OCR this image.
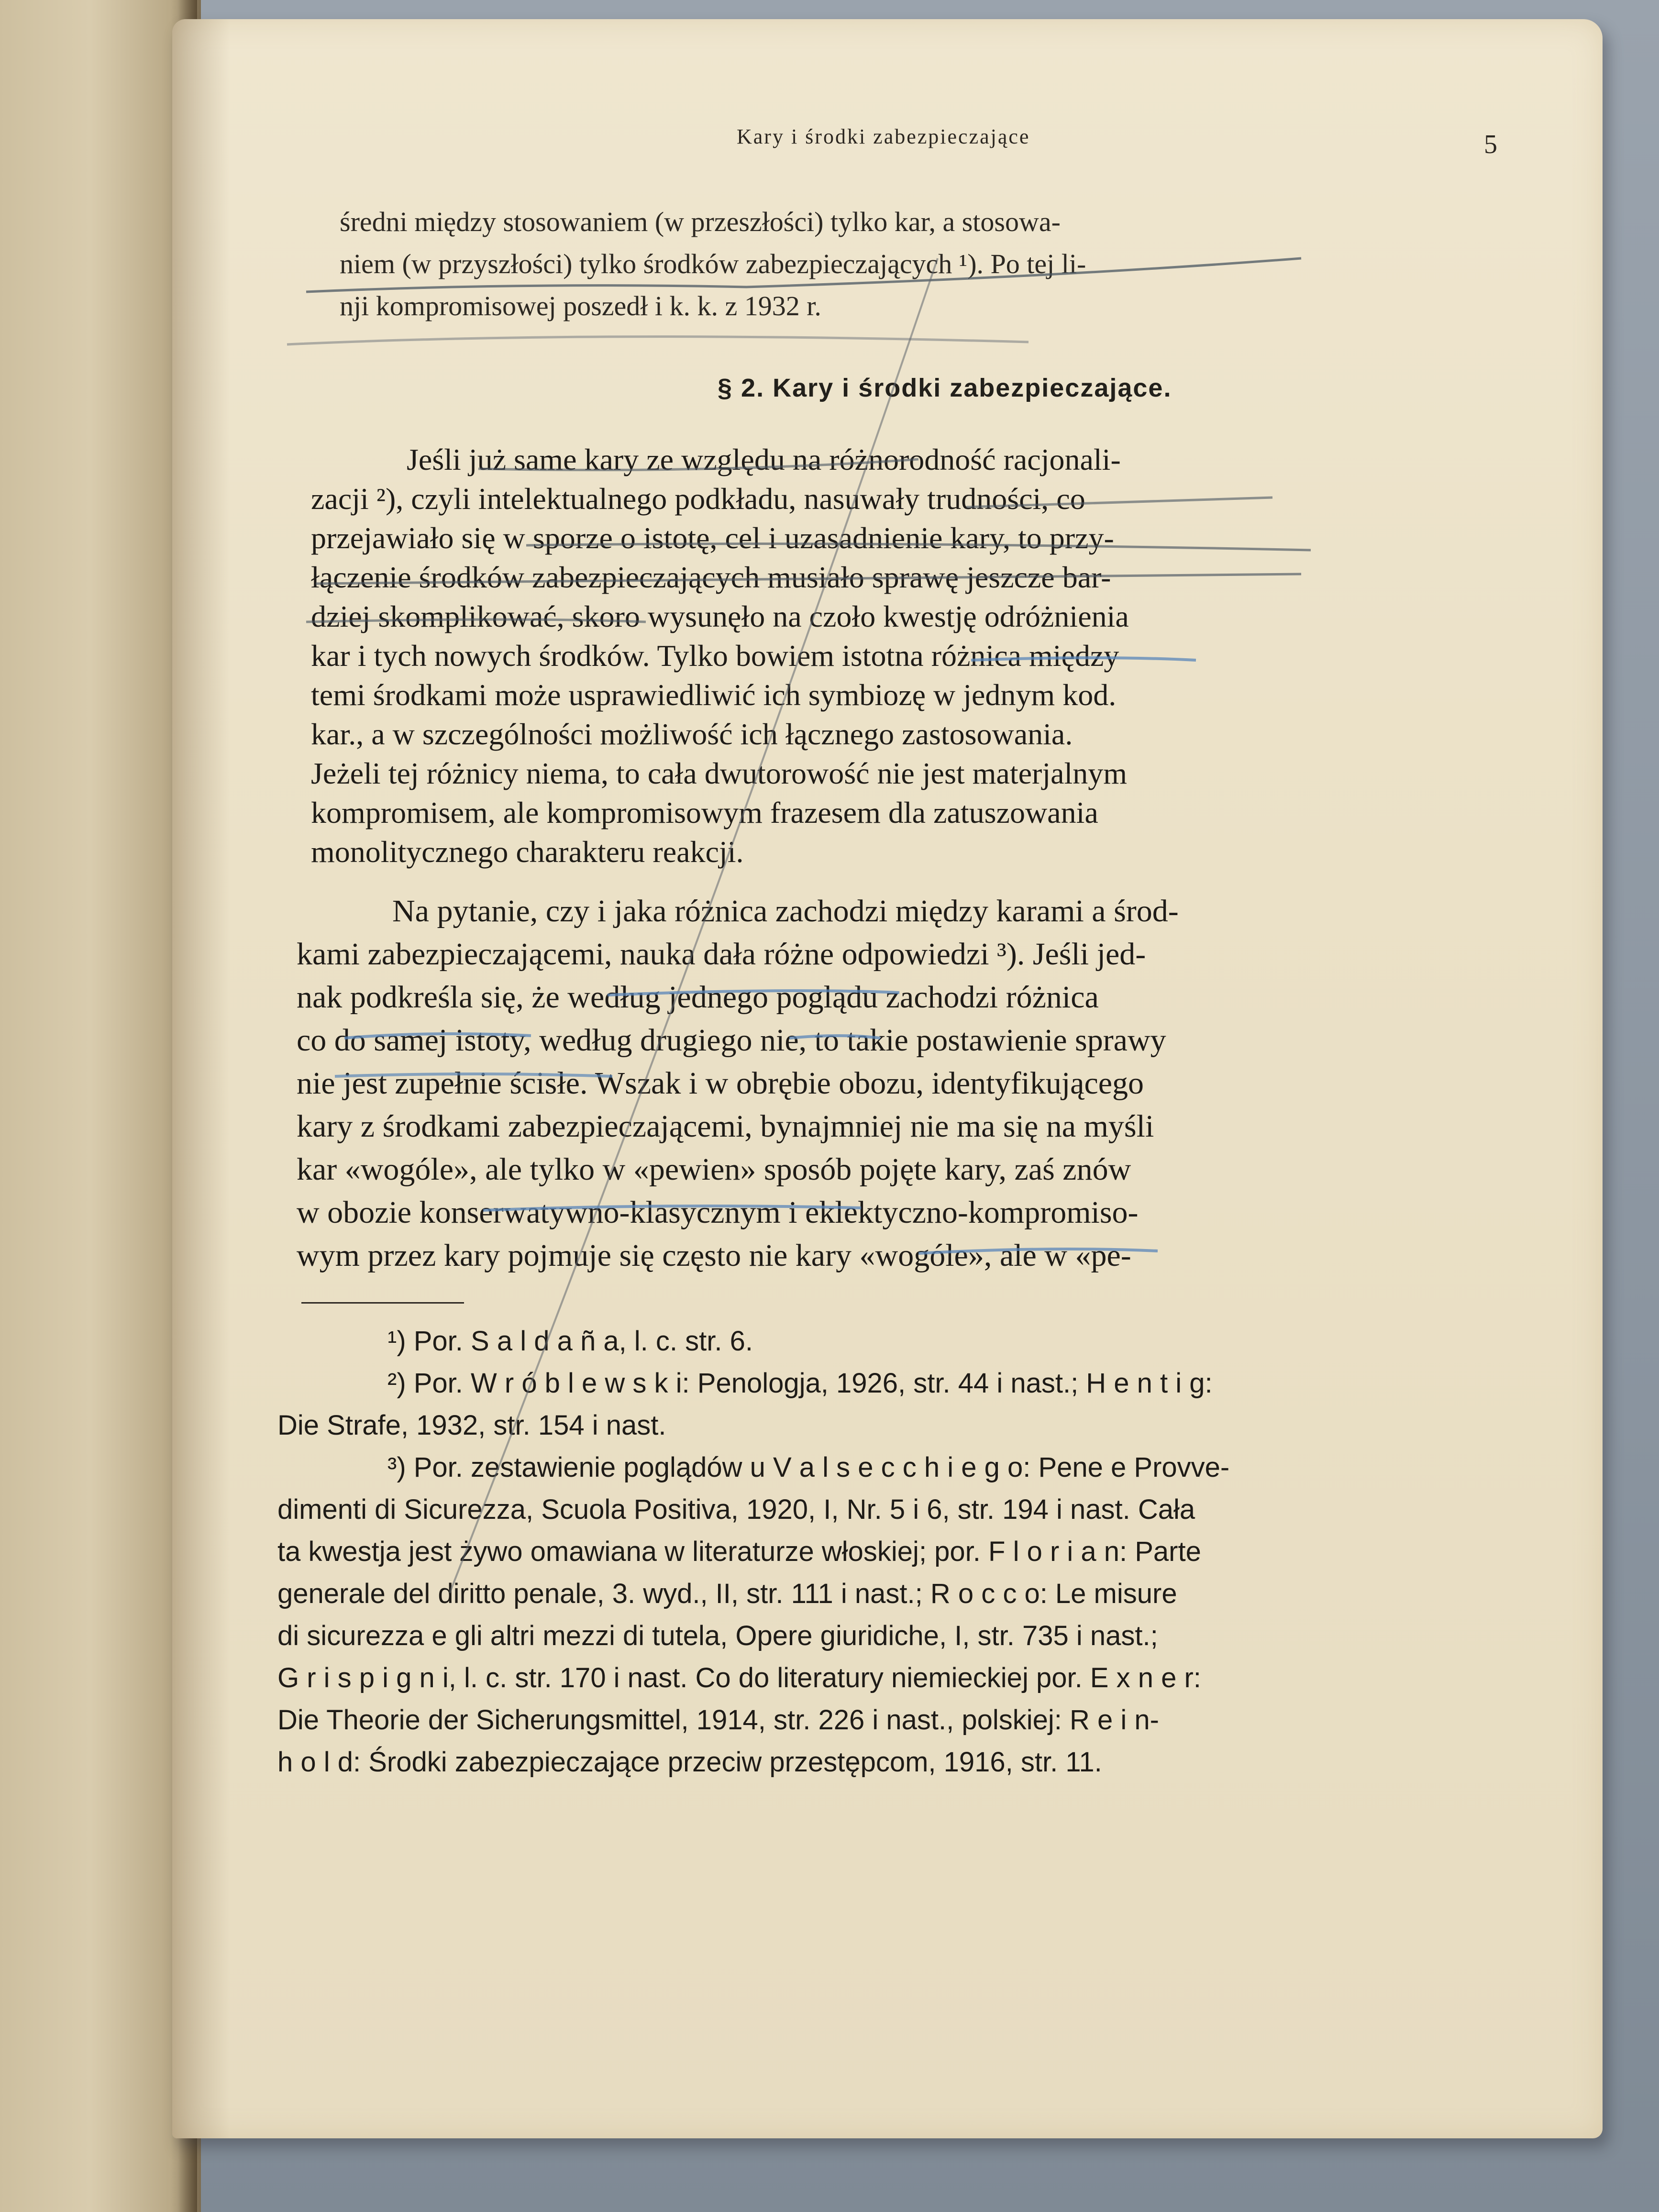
Kary i środki zabezpieczające	5

średni między stosowaniem (w przeszłości) tylko kar, a stosowa-
niem (w przyszłości) tylko środków zabezpieczających ¹). Po tej li-
nji kompromisowej poszedł i k. k. z 1932 r.

§ 2. Kary i środki zabezpieczające.

Jeśli już same kary ze względu na różnorodność racjonali-
zacji ²), czyli intelektualnego podkładu, nasuwały trudności, co
przejawiało się w sporze o istotę, cel i uzasadnienie kary, to przy-
łączenie środków zabezpieczających musiało sprawę jeszcze bar-
dziej skomplikować, skoro wysunęło na czoło kwestję odróżnienia
kar i tych nowych środków. Tylko bowiem istotna różnica między
temi środkami może usprawiedliwić ich symbiozę w jednym kod.
kar., a w szczególności możliwość ich łącznego zastosowania.
Jeżeli tej różnicy niema, to cała dwutorowość nie jest materjalnym
kompromisem, ale kompromisowym frazesem dla zatuszowania
monolitycznego charakteru reakcji.

Na pytanie, czy i jaka różnica zachodzi między karami a środ-
kami zabezpieczającemi, nauka dała różne odpowiedzi ³). Jeśli jed-
nak podkreśla się, że według jednego poglądu zachodzi różnica
co do samej istoty, według drugiego nie, to takie postawienie sprawy
nie jest zupełnie ścisłe. Wszak i w obrębie obozu, identyfikującego
kary z środkami zabezpieczającemi, bynajmniej nie ma się na myśli
kar «wogóle», ale tylko w «pewien» sposób pojęte kary, zaś znów
w obozie konserwatywno-klasycznym i eklektyczno-kompromiso-
wym przez kary pojmuje się często nie kary «wogóle», ale w «pe-

¹) Por. S a l d a ñ a, l. c. str. 6.
²) Por. W r ó b l e w s k i: Penologja, 1926, str. 44 i nast.; H e n t i g:
Die Strafe, 1932, str. 154 i nast.
³) Por. zestawienie poglądów u V a l s e c c h i e g o: Pene e Provve-
dimenti di Sicurezza, Scuola Positiva, 1920, I, Nr. 5 i 6, str. 194 i nast. Cała
ta kwestja jest żywo omawiana w literaturze włoskiej; por. F l o r i a n: Parte
generale del diritto penale, 3. wyd., II, str. 111 i nast.; R o c c o: Le misure
di sicurezza e gli altri mezzi di tutela, Opere giuridiche, I, str. 735 i nast.;
G r i s p i g n i, l. c. str. 170 i nast. Co do literatury niemieckiej por. E x n e r:
Die Theorie der Sicherungsmittel, 1914, str. 226 i nast., polskiej: R e i n-
h o l d: Środki zabezpieczające przeciw przestępcom, 1916, str. 11.
